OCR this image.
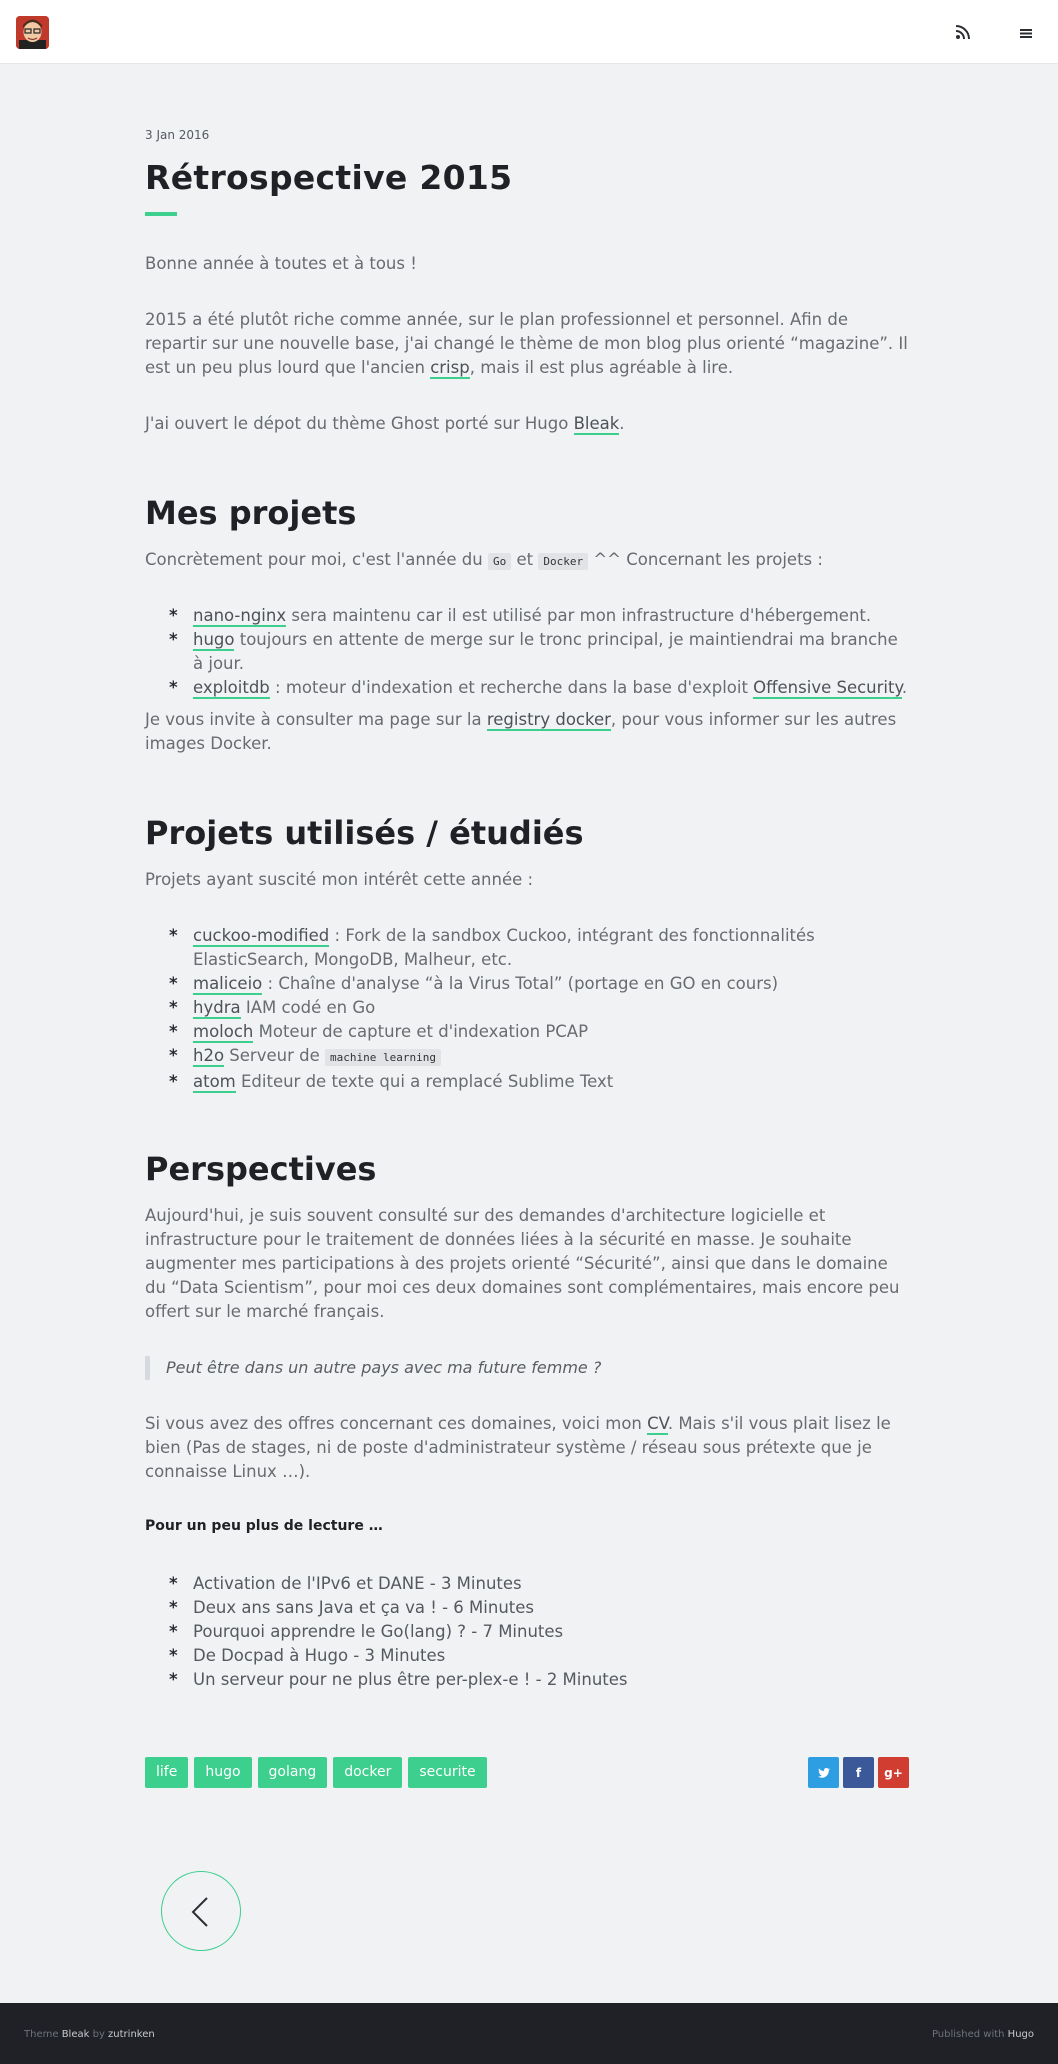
3 Jan 2016
Rétrospective 2015

Bonne année à toutes et à tous !

2015 a été plutôt riche comme année, sur le plan professionnel et personnel. Afin de repartir sur une nouvelle base, j'ai changé le thème de mon blog plus orienté “magazine”. Il est un peu plus lourd que l'ancien crisp, mais il est plus agréable à lire.

J'ai ouvert le dépot du thème Ghost porté sur Hugo Bleak.

Mes projets

Concrètement pour moi, c'est l'année du Go et Docker ^^ Concernant les projets :

* nano-nginx sera maintenu car il est utilisé par mon infrastructure d'hébergement.
* hugo toujours en attente de merge sur le tronc principal, je maintiendrai ma branche à jour.
* exploitdb : moteur d'indexation et recherche dans la base d'exploit Offensive Security.

Je vous invite à consulter ma page sur la registry docker, pour vous informer sur les autres images Docker.

Projets utilisés / étudiés

Projets ayant suscité mon intérêt cette année :

* cuckoo-modified : Fork de la sandbox Cuckoo, intégrant des fonctionnalités ElasticSearch, MongoDB, Malheur, etc.
* maliceio : Chaîne d'analyse “à la Virus Total” (portage en GO en cours)
* hydra IAM codé en Go
* moloch Moteur de capture et d'indexation PCAP
* h2o Serveur de machine learning
* atom Editeur de texte qui a remplacé Sublime Text
Perspectives

Aujourd'hui, je suis souvent consulté sur des demandes d'architecture logicielle et infrastructure pour le traitement de données liées à la sécurité en masse. Je souhaite augmenter mes participations à des projets orienté “Sécurité”, ainsi que dans le domaine du “Data Scientism”, pour moi ces deux domaines sont complémentaires, mais encore peu offert sur le marché français.

Peut être dans un autre pays avec ma future femme ?

Si vous avez des offres concernant ces domaines, voici mon CV. Mais s'il vous plait lisez le bien (Pas de stages, ni de poste d'administrateur système / réseau sous prétexte que je connaisse Linux …).

Pour un peu plus de lecture …
* Activation de l'IPv6 et DANE - 3 Minutes
* Deux ans sans Java et ça va ! - 6 Minutes
* Pourquoi apprendre le Go(lang) ? - 7 Minutes
* De Docpad à Hugo - 3 Minutes
* Un serveur pour ne plus être per-plex-e ! - 2 Minutes
life	hugo	golang	docker	securite	f g+
Theme Bleak by zutrinken	Published with Hugo
